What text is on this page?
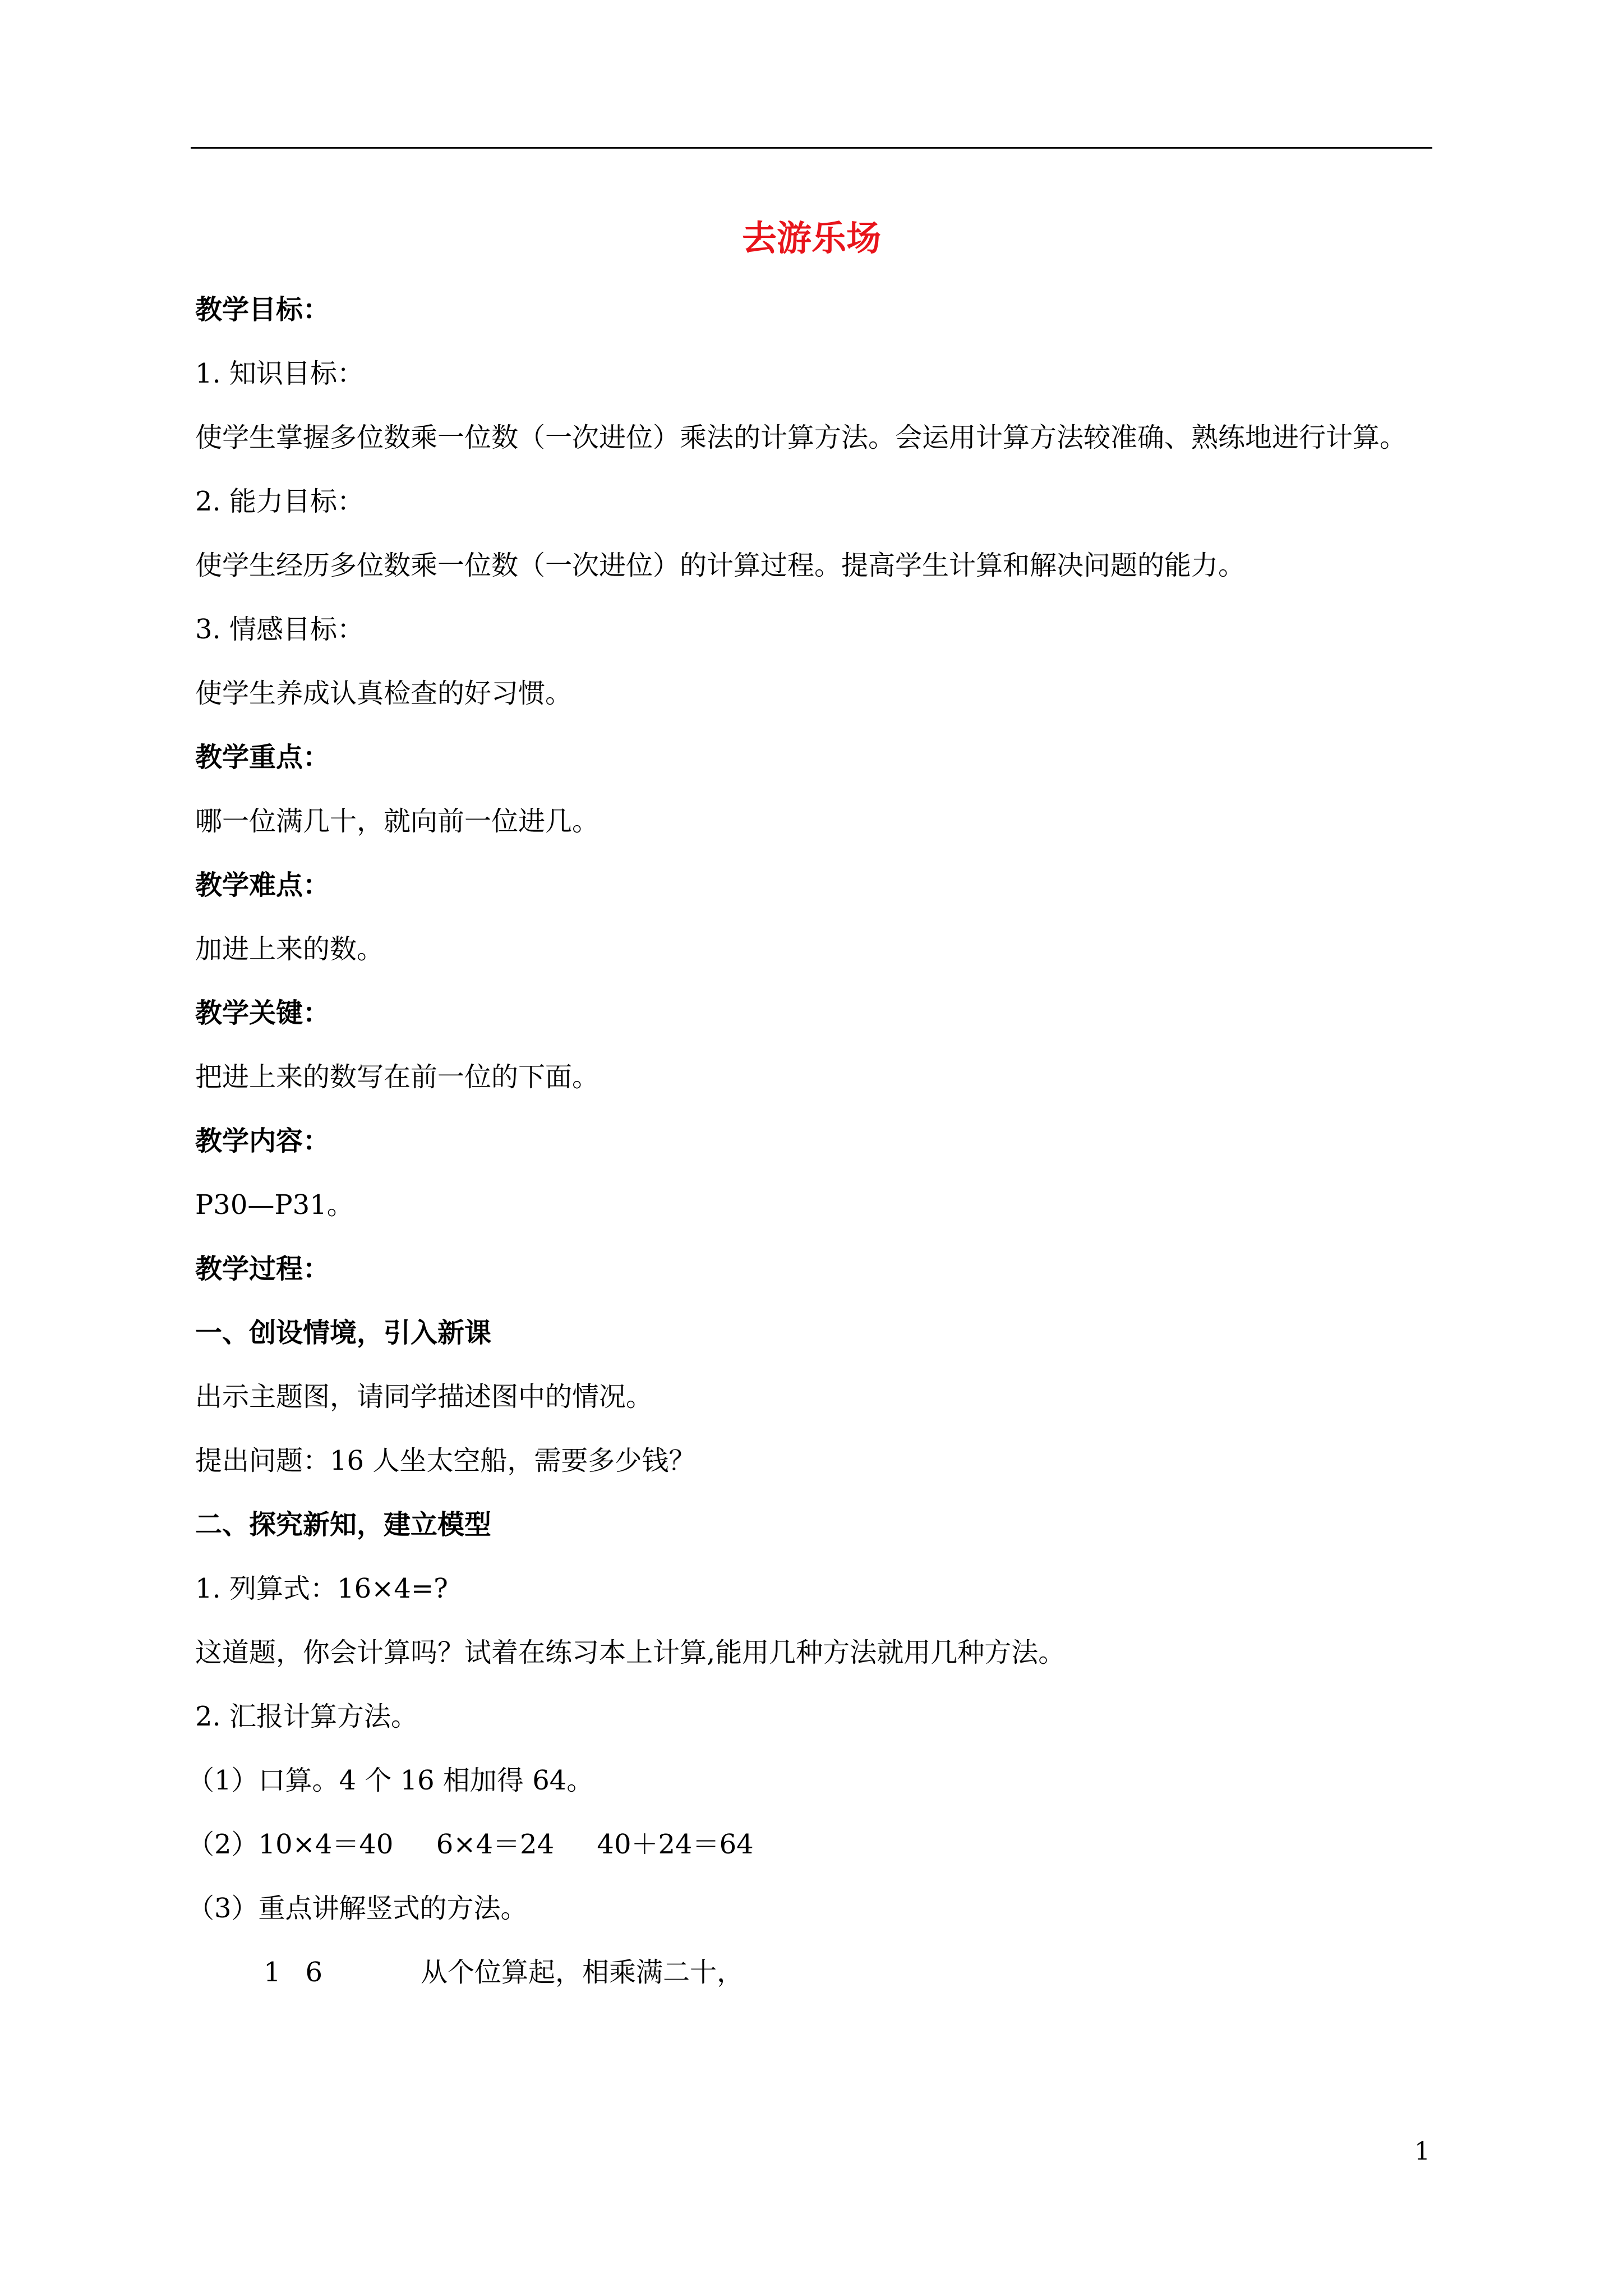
去游乐场
教学目标：
1. 知识目标：
使学生掌握多位数乘一位数（一次进位）乘法的计算方法。会运用计算方法较准确、熟练地进行计算。
2. 能力目标：
使学生经历多位数乘一位数（一次进位）的计算过程。提高学生计算和解决问题的能力。
3. 情感目标：
使学生养成认真检查的好习惯。
教学重点：
哪一位满几十，就向前一位进几。
教学难点：
加进上来的数。
教学关键：
把进上来的数写在前一位的下面。
教学内容：
P30—P31。
教学过程：
一、创设情境，引入新课
出示主题图，请同学描述图中的情况。
提出问题：16 人坐太空船，需要多少钱？
二、探究新知，建立模型
1. 列算式：16×4=?
这道题，你会计算吗？试着在练习本上计算,能用几种方法就用几种方法。
2. 汇报计算方法。
（1）口算。4 个 16 相加得 64。
（2）10×4＝40     6×4＝24     40＋24＝64
（3）重点讲解竖式的方法。
16	从个位算起，相乘满二十，
1
